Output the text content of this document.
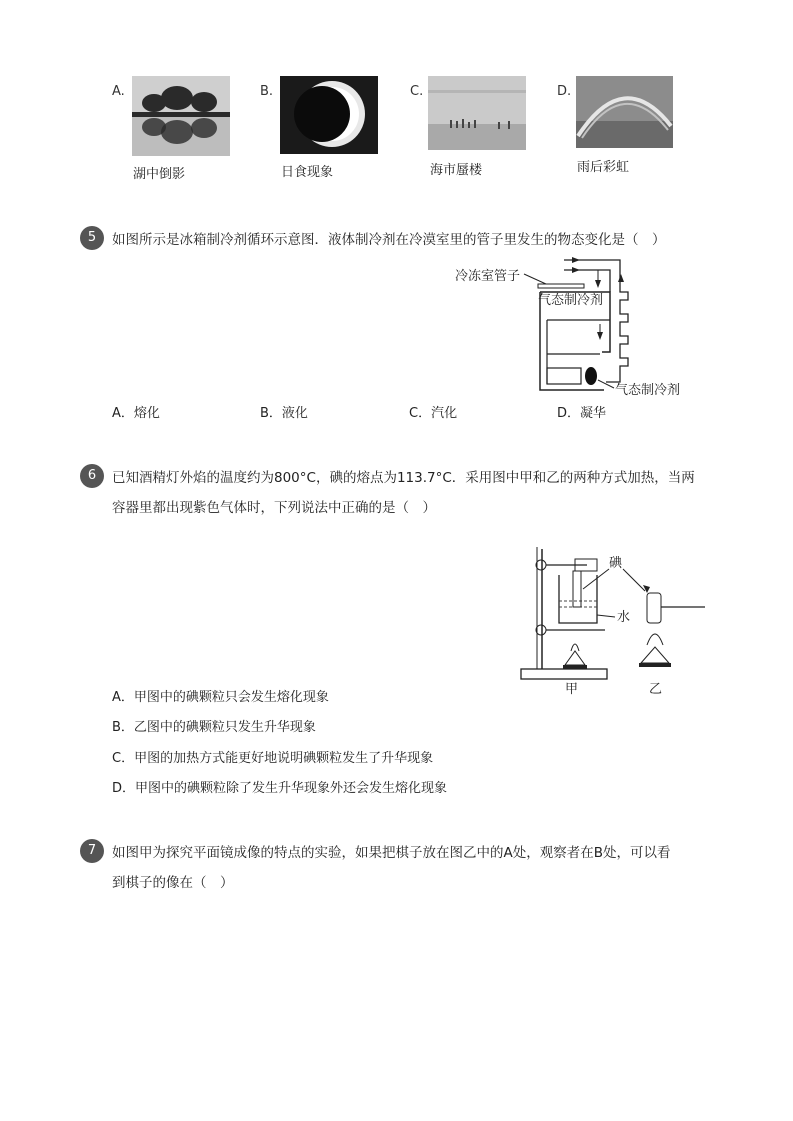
A.
湖中倒影
B.
日食现象
C.
海市蜃楼
D.
雨后彩虹
5	如图所示是冰箱制冷剂循环示意图．液体制冷剂在冷漠室里的管子里发生的物态变化是（　）
冷冻室管子
气态制冷剂
气态制冷剂
A．熔化	B．液化	C．汽化	D．凝华
6	已知酒精灯外焰的温度约为800°C，碘的熔点为113.7°C．采用图中甲和乙的两种方式加热，当两
容器里都出现紫色气体时，下列说法中正确的是（　）
碘
水
甲	乙
A．甲图中的碘颗粒只会发生熔化现象
B．乙图中的碘颗粒只发生升华现象
C．甲图的加热方式能更好地说明碘颗粒发生了升华现象
D．甲图中的碘颗粒除了发生升华现象外还会发生熔化现象
7	如图甲为探究平面镜成像的特点的实验，如果把棋子放在图乙中的A处，观察者在B处，可以看
到棋子的像在（　）
